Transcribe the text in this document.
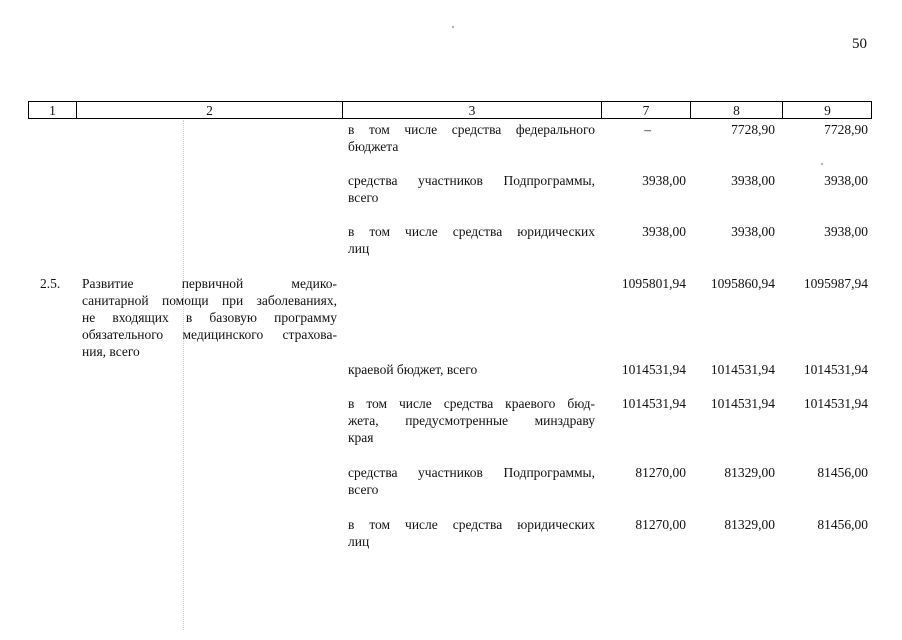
50
1	2	3	7	8	9
в том числе средства федерального
бюджета
–	7728,90	7728,90
средства участников Подпрограммы,
всего
3938,00	3938,00	3938,00
в том числе средства юридических
лиц
3938,00	3938,00	3938,00
2.5. Развитие первичной медико-
санитарной помощи при заболеваниях,
не входящих в базовую программу
обязательного медицинского страхова-
ния, всего
1095801,94 1095860,94 1095987,94
краевой бюджет, всего	1014531,94 1014531,94 1014531,94
в том числе средства краевого бюд-
жета, предусмотренные минздраву
края
1014531,94 1014531,94 1014531,94
средства участников Подпрограммы,
всего
81270,00	81329,00	81456,00
в том числе средства юридических
лиц
81270,00	81329,00	81456,00
